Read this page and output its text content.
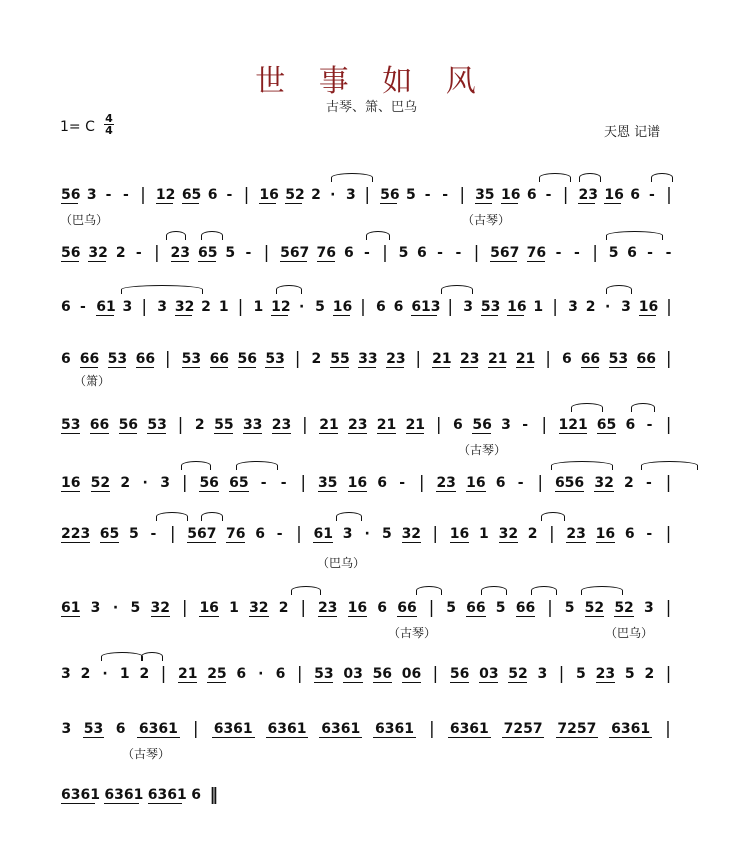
世 事 如 风
古琴、箫、巴乌
1= C $\frac{4}{4}$	天恩 记谱
56 3 - - | 12 65 6 - | 16 52 2 · 3 | 56 5 - - | 35 16 6 - | 23 16 6 - |
56 32 2 - | 23 65 5 - | 567 76 6 - | 5 6 - - | 567 76 - - | 5 6 - -
6 - 61 3 | 3 32 2 1 | 1 12 · 5 16 | 6 6 613 | 3 53 16 1 | 3 2 · 3 16 |
6 66 53 66 | 53 66 56 53 | 2 55 33 23 | 21 23 21 21 | 6 66 53 66 |
53 66 56 53 | 2 55 33 23 | 21 23 21 21 | 6 56 3 - | 121 65 6 - |
16 52 2 · 3 | 56 65 - - | 35 16 6 - | 23 16 6 - | 656 32 2 - |
223 65 5 - | 567 76 6 - | 61 3 · 5 32 | 16 1 32 2 | 23 16 6 - |
61 3 · 5 32 | 16 1 32 2 | 23 16 6 66 | 5 66 5 66 | 5 52 52 3 |
3 2 · 1 2 | 21 25 6 · 6 | 53 03 56 06 | 56 03 52 3 | 5 23 5 2 |
3 53 6 6361 | 6361 6361 6361 6361 | 6361 7257 7257 6361 |
6361 6361 6361 6 ‖
（巴乌）	（古琴）
（箫）
（古琴）
（巴乌）
（古琴）	（巴乌）
（古琴）
